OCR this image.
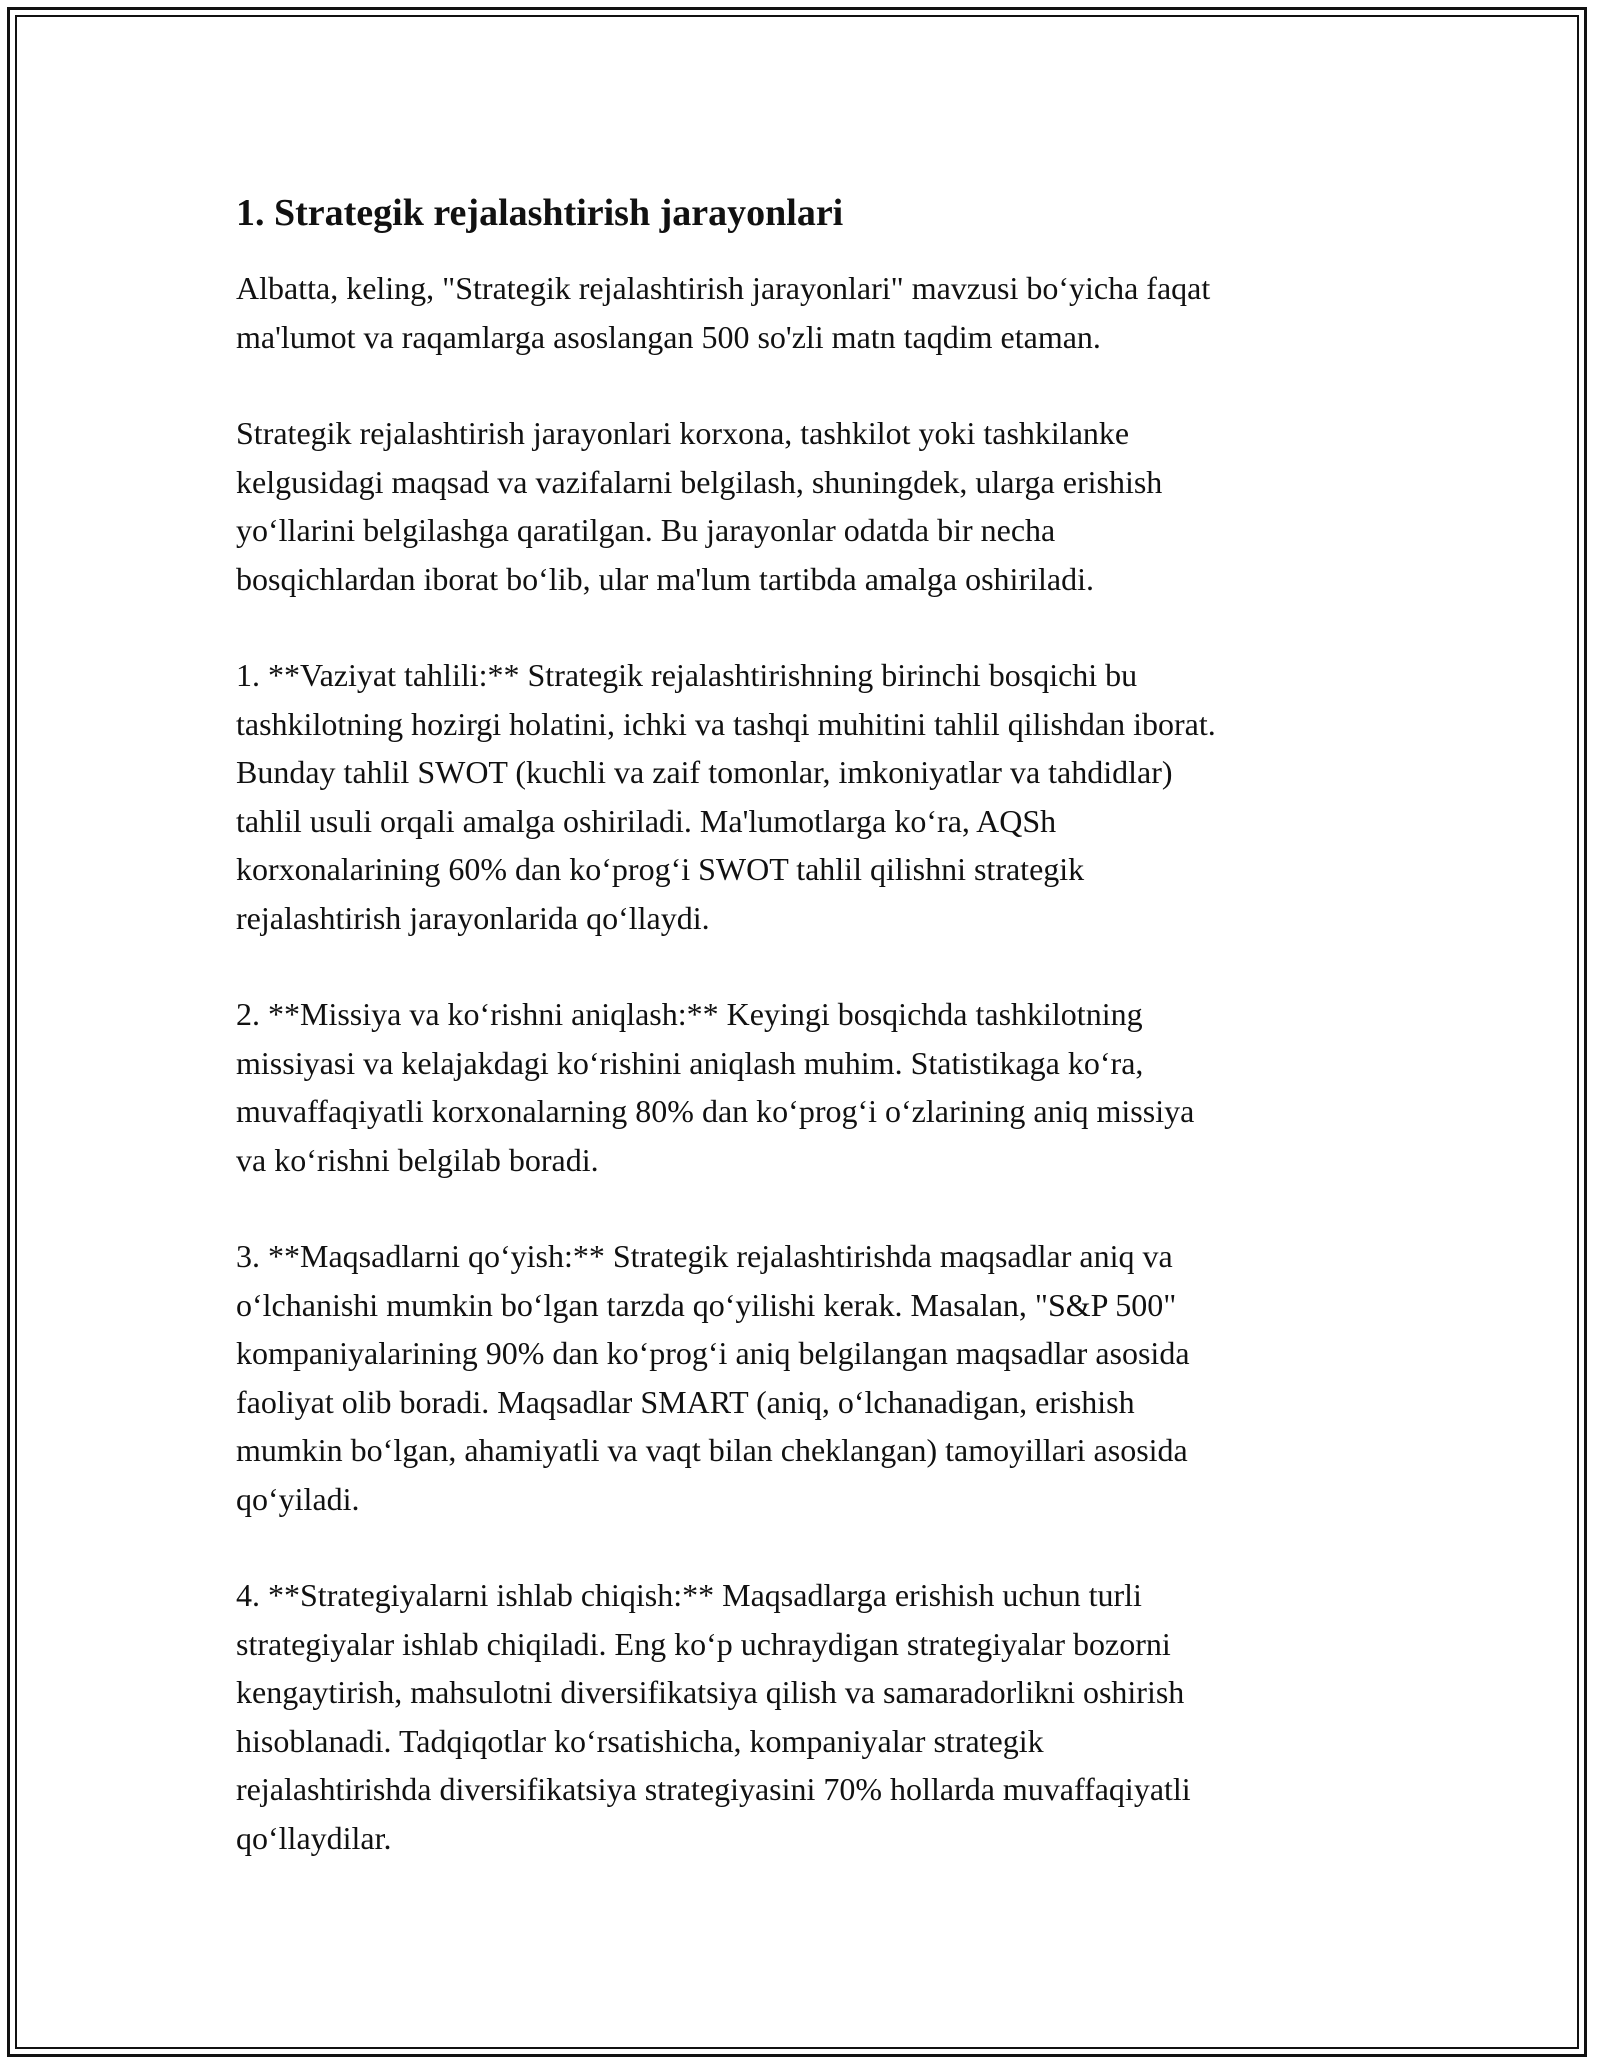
1. Strategik rejalashtirish jarayonlari

Albatta, keling, "Strategik rejalashtirish jarayonlari" mavzusi bo‘yicha faqat
ma'lumot va raqamlarga asoslangan 500 so'zli matn taqdim etaman.

Strategik rejalashtirish jarayonlari korxona, tashkilot yoki tashkilanke
kelgusidagi maqsad va vazifalarni belgilash, shuningdek, ularga erishish
yo‘llarini belgilashga qaratilgan. Bu jarayonlar odatda bir necha
bosqichlardan iborat bo‘lib, ular ma'lum tartibda amalga oshiriladi.

1. **Vaziyat tahlili:** Strategik rejalashtirishning birinchi bosqichi bu
tashkilotning hozirgi holatini, ichki va tashqi muhitini tahlil qilishdan iborat.
Bunday tahlil SWOT (kuchli va zaif tomonlar, imkoniyatlar va tahdidlar)
tahlil usuli orqali amalga oshiriladi. Ma'lumotlarga ko‘ra, AQSh
korxonalarining 60% dan ko‘prog‘i SWOT tahlil qilishni strategik
rejalashtirish jarayonlarida qo‘llaydi.

2. **Missiya va ko‘rishni aniqlash:** Keyingi bosqichda tashkilotning
missiyasi va kelajakdagi ko‘rishini aniqlash muhim. Statistikaga ko‘ra,
muvaffaqiyatli korxonalarning 80% dan ko‘prog‘i o‘zlarining aniq missiya
va ko‘rishni belgilab boradi.

3. **Maqsadlarni qo‘yish:** Strategik rejalashtirishda maqsadlar aniq va
o‘lchanishi mumkin bo‘lgan tarzda qo‘yilishi kerak. Masalan, "S&P 500"
kompaniyalarining 90% dan ko‘prog‘i aniq belgilangan maqsadlar asosida
faoliyat olib boradi. Maqsadlar SMART (aniq, o‘lchanadigan, erishish
mumkin bo‘lgan, ahamiyatli va vaqt bilan cheklangan) tamoyillari asosida
qo‘yiladi.

4. **Strategiyalarni ishlab chiqish:** Maqsadlarga erishish uchun turli
strategiyalar ishlab chiqiladi. Eng ko‘p uchraydigan strategiyalar bozorni
kengaytirish, mahsulotni diversifikatsiya qilish va samaradorlikni oshirish
hisoblanadi. Tadqiqotlar ko‘rsatishicha, kompaniyalar strategik
rejalashtirishda diversifikatsiya strategiyasini 70% hollarda muvaffaqiyatli
qo‘llaydilar.
